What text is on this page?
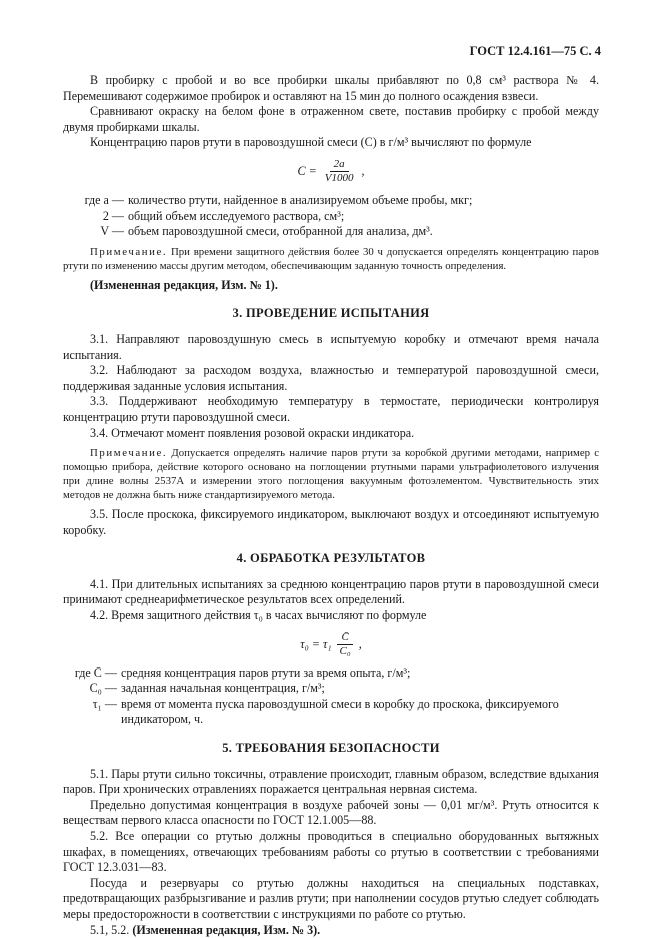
ГОСТ 12.4.161—75 С. 4

В пробирку с пробой и во все пробирки шкалы прибавляют по 0,8 см³ раствора № 4. Перемешивают содержимое пробирок и оставляют на 15 мин до полного осаждения взвеси.

Сравнивают окраску на белом фоне в отраженном свете, поставив пробирку с пробой между двумя пробирками шкалы.

Концентрацию паров ртути в паровоздушной смеси (C) в г/м³ вычисляют по формуле

$C = \frac{2a}{V1000}$ ,
где a — количество ртути, найденное в анализируемом объеме пробы, мкг;
2 — общий объем исследуемого раствора, см³;
V — объем паровоздушной смеси, отобранной для анализа, дм³.

Примечание. При времени защитного действия более 30 ч допускается определять концентрацию паров ртути по изменению массы другим методом, обеспечивающим заданную точность определения.

(Измененная редакция, Изм. № 1).

3. ПРОВЕДЕНИЕ ИСПЫТАНИЯ

3.1. Направляют паровоздушную смесь в испытуемую коробку и отмечают время начала испытания.

3.2. Наблюдают за расходом воздуха, влажностью и температурой паровоздушной смеси, поддерживая заданные условия испытания.

3.3. Поддерживают необходимую температуру в термостате, периодически контролируя концентрацию ртути паровоздушной смеси.

3.4. Отмечают момент появления розовой окраски индикатора.

Примечание. Допускается определять наличие паров ртути за коробкой другими методами, например с помощью прибора, действие которого основано на поглощении ртутными парами ультрафиолетового излучения при длине волны 2537А и измерении этого поглощения вакуумным фотоэлементом. Чувствительность этих методов не должна быть ниже стандартизируемого метода.

3.5. После проскока, фиксируемого индикатором, выключают воздух и отсоединяют испытуемую коробку.

4. ОБРАБОТКА РЕЗУЛЬТАТОВ

4.1. При длительных испытаниях за среднюю концентрацию паров ртути в паровоздушной смеси принимают среднеарифметическое результатов всех определений.

4.2. Время защитного действия τ₀ в часах вычисляют по формуле

$\tau_0 = \tau_1 \frac{C̄}{\text{C₀}}$ ,
где C̄ — средняя концентрация паров ртути за время опыта, г/м³;
C₀ — заданная начальная концентрация, г/м³;
τ₁ — время от момента пуска паровоздушной смеси в коробку до проскока, фиксируемого индикатором, ч.
5. ТРЕБОВАНИЯ БЕЗОПАСНОСТИ

5.1. Пары ртути сильно токсичны, отравление происходит, главным образом, вследствие вдыхания паров. При хронических отравлениях поражается центральная нервная система.

Предельно допустимая концентрация в воздухе рабочей зоны — 0,01 мг/м³. Ртуть относится к веществам первого класса опасности по ГОСТ 12.1.005—88.

5.2. Все операции со ртутью должны проводиться в специально оборудованных вытяжных шкафах, в помещениях, отвечающих требованиям работы со ртутью в соответствии с требованиями ГОСТ 12.3.031—83.

Посуда и резервуары со ртутью должны находиться на специальных подставках, предотвращающих разбрызгивание и разлив ртути; при наполнении сосудов ртутью следует соблюдать меры предосторожности в соответствии с инструкциями по работе со ртутью.

5.1, 5.2. (Измененная редакция, Изм. № 3).
